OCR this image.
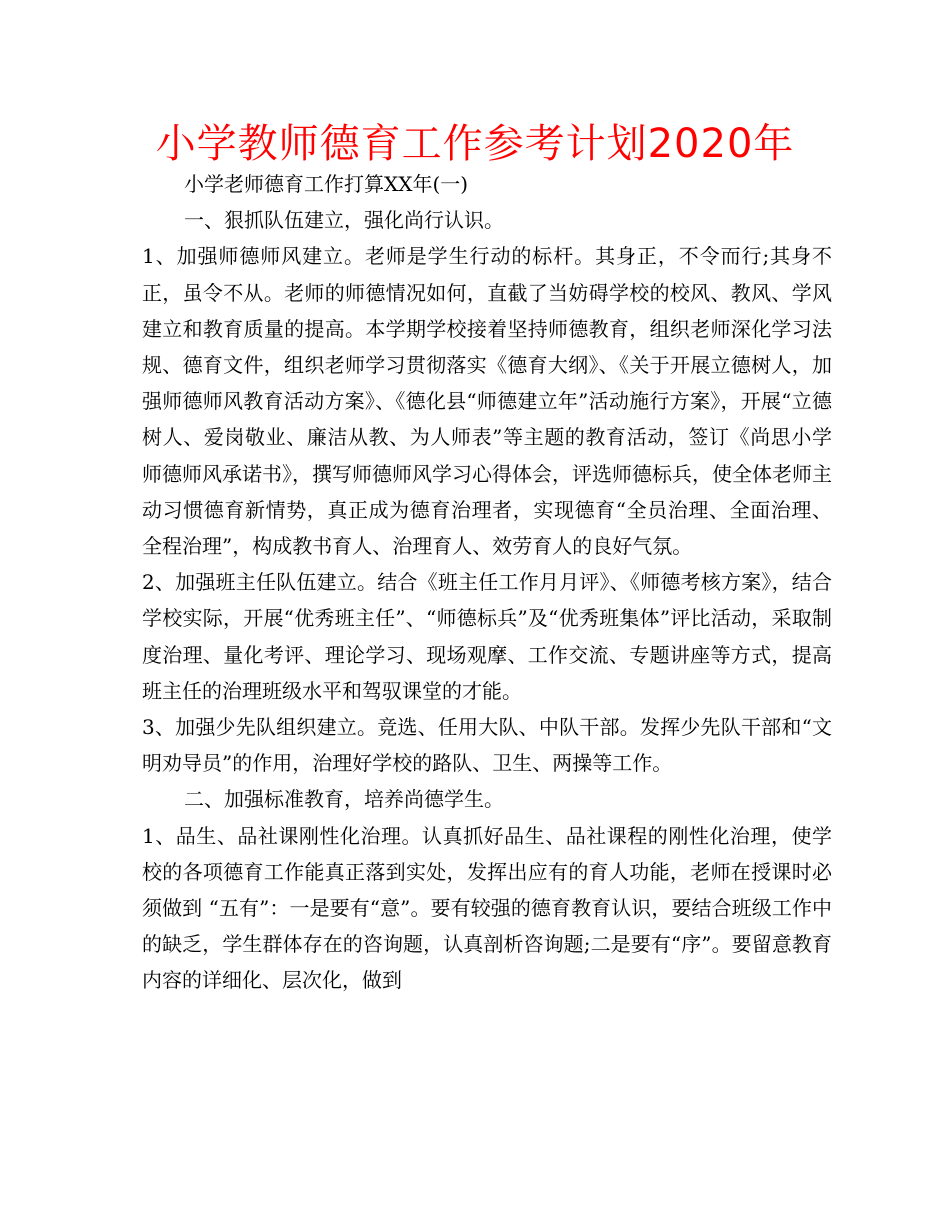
小学教师德育工作参考计划2020年

小学老师德育工作打算XX年(一)

一、狠抓队伍建立，强化尚行认识。

1、加强师德师风建立。老师是学生行动的标杆。其身正，不令而行;其身不正，虽令不从。老师的师德情况如何，直截了当妨碍学校的校风、教风、学风建立和教育质量的提高。本学期学校接着坚持师德教育，组织老师深化学习法规、德育文件，组织老师学习贯彻落实《德育大纲》、《关于开展立德树人，加强师德师风教育活动方案》、《德化县“师德建立年”活动施行方案》，开展“立德树人、爱岗敬业、廉洁从教、为人师表”等主题的教育活动，签订《尚思小学师德师风承诺书》，撰写师德师风学习心得体会，评选师德标兵，使全体老师主动习惯德育新情势，真正成为德育治理者，实现德育“全员治理、全面治理、全程治理”，构成教书育人、治理育人、效劳育人的良好气氛。

2、加强班主任队伍建立。结合《班主任工作月月评》、《师德考核方案》，结合学校实际，开展“优秀班主任”、“师德标兵”及“优秀班集体”评比活动，采取制度治理、量化考评、理论学习、现场观摩、工作交流、专题讲座等方式，提高班主任的治理班级水平和驾驭课堂的才能。

3、加强少先队组织建立。竞选、任用大队、中队干部。发挥少先队干部和“文明劝导员”的作用，治理好学校的路队、卫生、两操等工作。

二、加强标准教育，培养尚德学生。

1、品生、品社课刚性化治理。认真抓好品生、品社课程的刚性化治理，使学校的各项德育工作能真正落到实处，发挥出应有的育人功能，老师在授课时必须做到 “五有”：一是要有“意”。要有较强的德育教育认识，要结合班级工作中的缺乏，学生群体存在的咨询题，认真剖析咨询题;二是要有“序”。要留意教育内容的详细化、层次化，做到
